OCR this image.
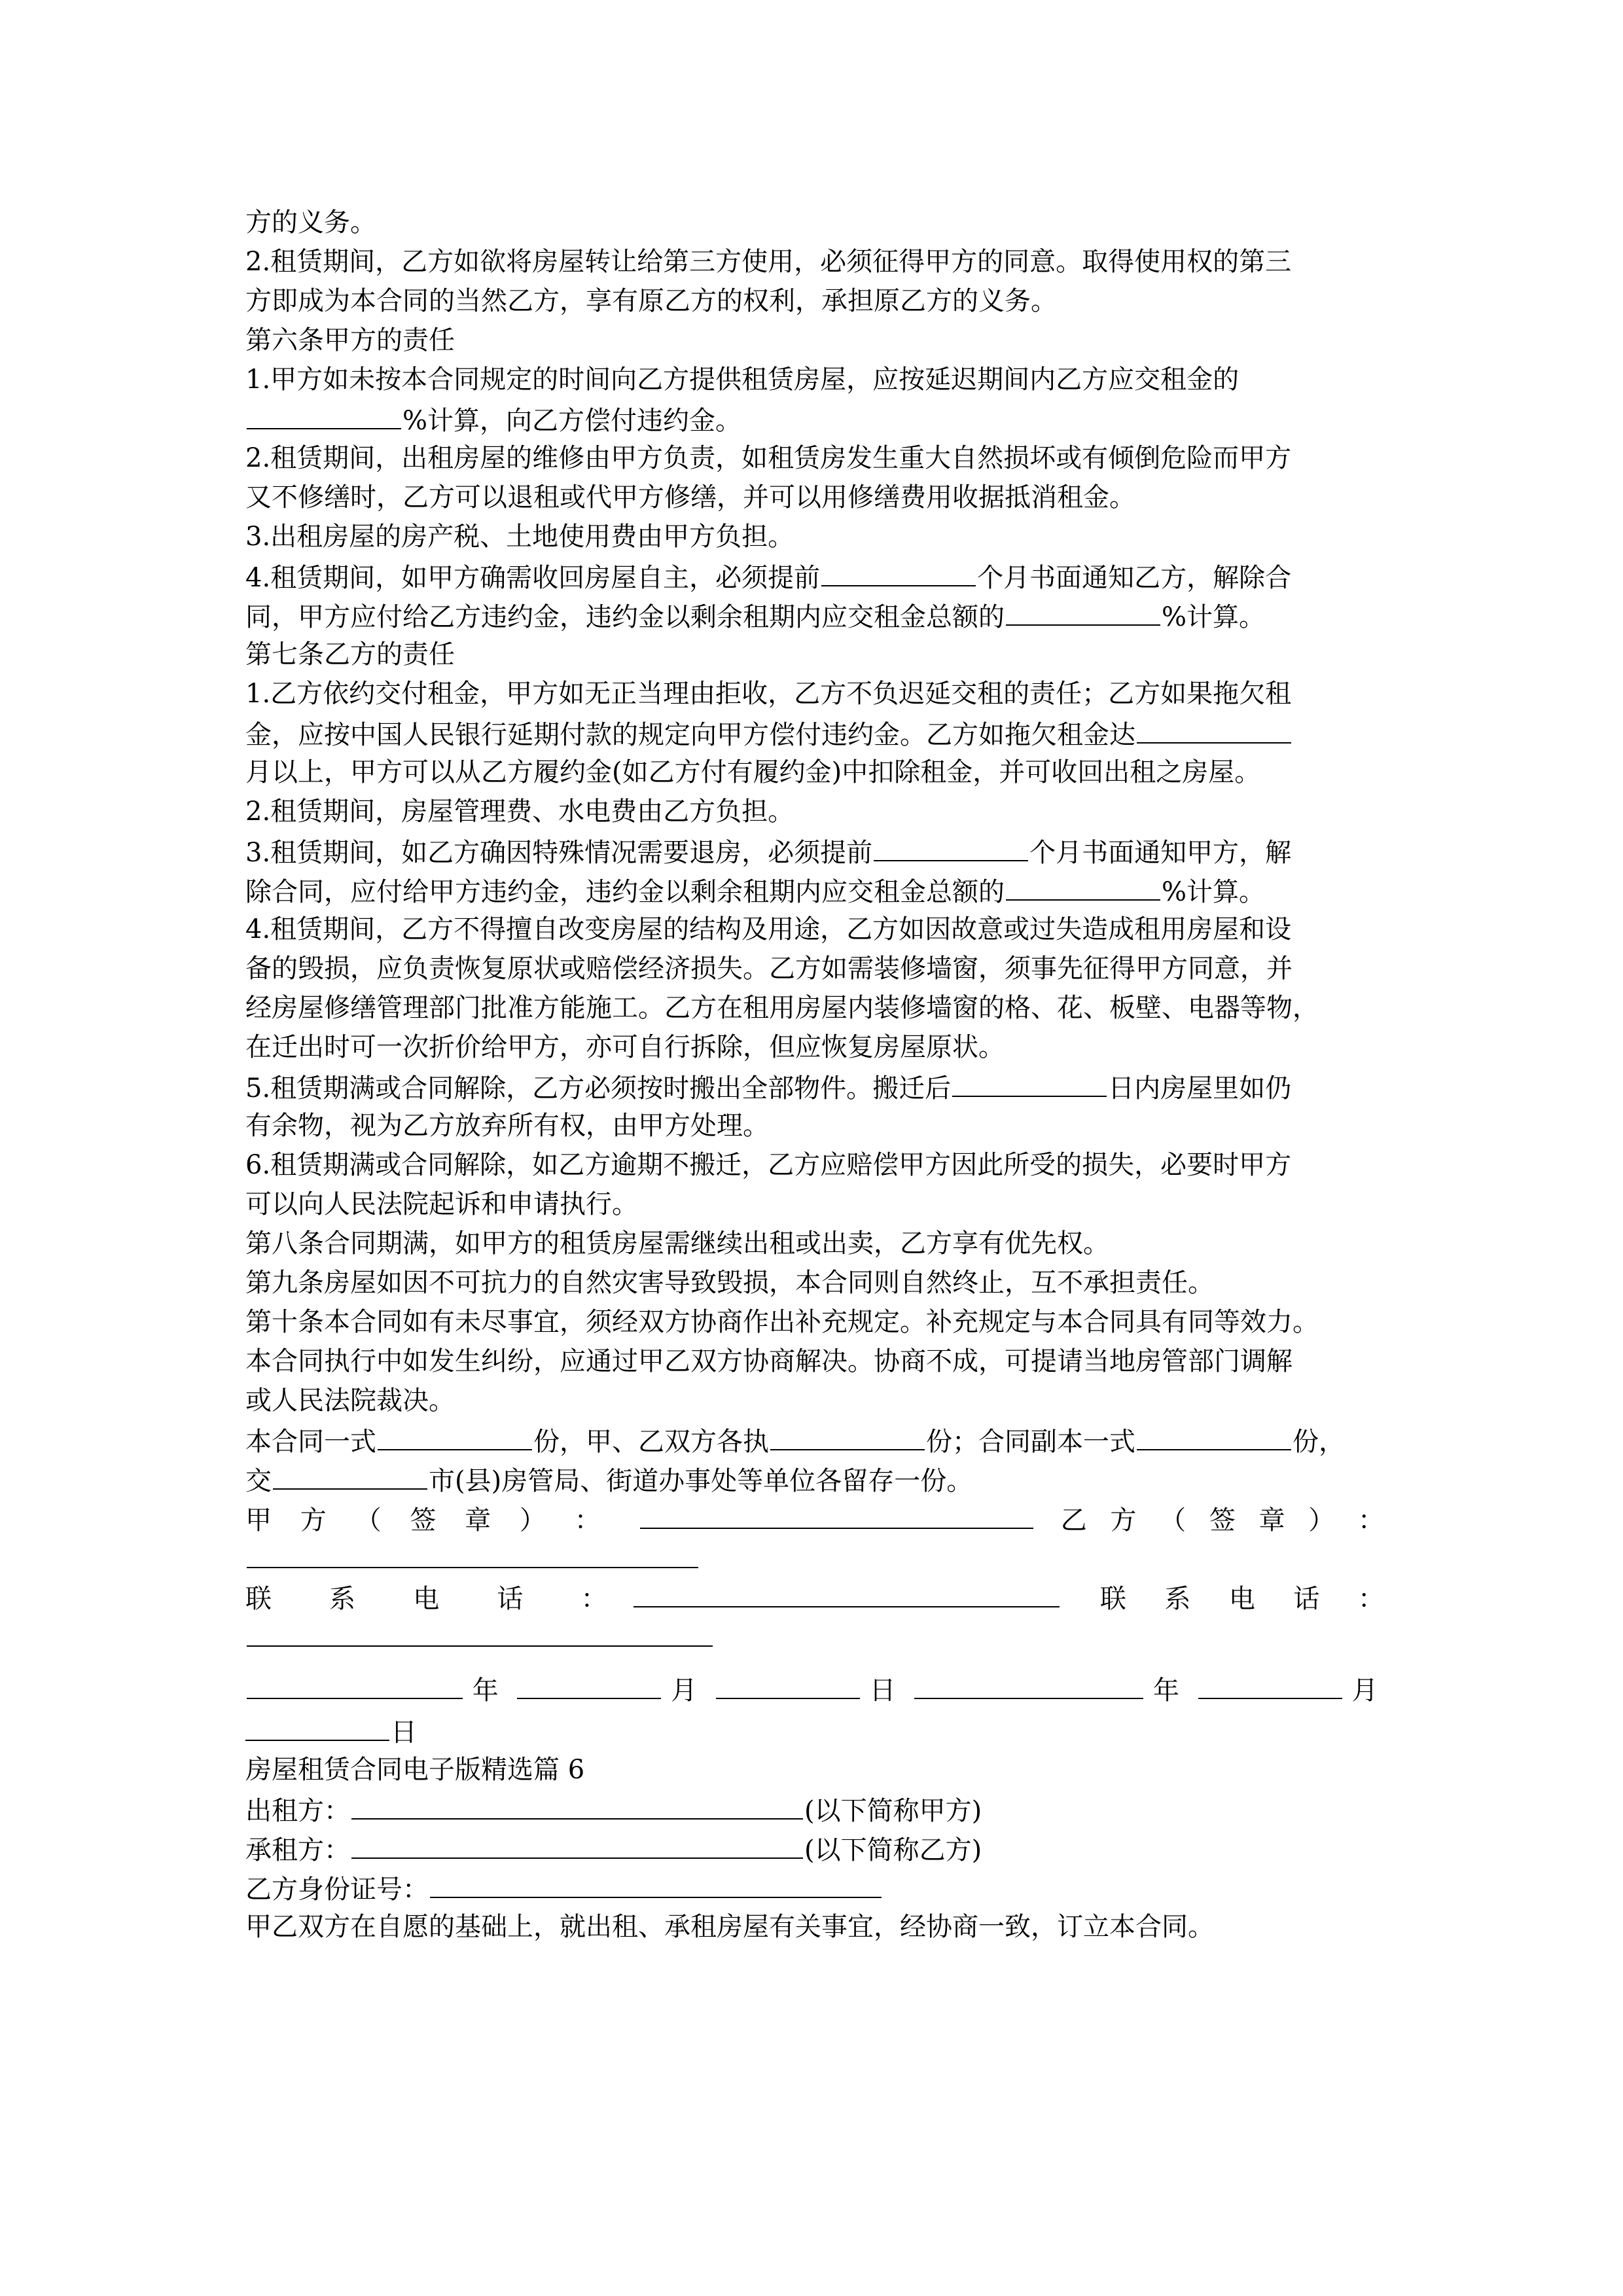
方的义务。
2.租赁期间，乙方如欲将房屋转让给第三方使用，必须征得甲方的同意。取得使用权的第三
方即成为本合同的当然乙方，享有原乙方的权利，承担原乙方的义务。
第六条甲方的责任
1.甲方如未按本合同规定的时间向乙方提供租赁房屋，应按延迟期间内乙方应交租金的
%计算，向乙方偿付违约金。
2.租赁期间，出租房屋的维修由甲方负责，如租赁房发生重大自然损坏或有倾倒危险而甲方
又不修缮时，乙方可以退租或代甲方修缮，并可以用修缮费用收据抵消租金。
3.出租房屋的房产税、土地使用费由甲方负担。
4.租赁期间，如甲方确需收回房屋自主，必须提前	个月书面通知乙方，解除合
同，甲方应付给乙方违约金，违约金以剩余租期内应交租金总额的	%计算。
第七条乙方的责任
1.乙方依约交付租金，甲方如无正当理由拒收，乙方不负迟延交租的责任；乙方如果拖欠租
金，应按中国人民银行延期付款的规定向甲方偿付违约金。乙方如拖欠租金达
月以上，甲方可以从乙方履约金(如乙方付有履约金)中扣除租金，并可收回出租之房屋。
2.租赁期间，房屋管理费、水电费由乙方负担。
3.租赁期间，如乙方确因特殊情况需要退房，必须提前	个月书面通知甲方，解
除合同，应付给甲方违约金，违约金以剩余租期内应交租金总额的	%计算。
4.租赁期间，乙方不得擅自改变房屋的结构及用途，乙方如因故意或过失造成租用房屋和设
备的毁损，应负责恢复原状或赔偿经济损失。乙方如需装修墙窗，须事先征得甲方同意，并
经房屋修缮管理部门批准方能施工。乙方在租用房屋内装修墙窗的格、花、板壁、电器等物，
在迁出时可一次折价给甲方，亦可自行拆除，但应恢复房屋原状。
5.租赁期满或合同解除，乙方必须按时搬出全部物件。搬迁后	日内房屋里如仍
有余物，视为乙方放弃所有权，由甲方处理。
6.租赁期满或合同解除，如乙方逾期不搬迁，乙方应赔偿甲方因此所受的损失，必要时甲方
可以向人民法院起诉和申请执行。
第八条合同期满，如甲方的租赁房屋需继续出租或出卖，乙方享有优先权。
第九条房屋如因不可抗力的自然灾害导致毁损，本合同则自然终止，互不承担责任。
第十条本合同如有未尽事宜，须经双方协商作出补充规定。补充规定与本合同具有同等效力。
本合同执行中如发生纠纷，应通过甲乙双方协商解决。协商不成，可提请当地房管部门调解
或人民法院裁决。
本合同一式	份，甲、乙双方各执	份；合同副本一式	份，
交	市(县)房管局、街道办事处等单位各留存一份。
甲 方 （ 签 章 ） ：	乙 方 （ 签 章 ） ：
联 系 电 话 ：	联 系 电 话 ：
年	月	日	年	月
日
房屋租赁合同电子版精选篇 6
出租方：	(以下简称甲方)
承租方：	(以下简称乙方)
乙方身份证号：
甲乙双方在自愿的基础上，就出租、承租房屋有关事宜，经协商一致，订立本合同。
